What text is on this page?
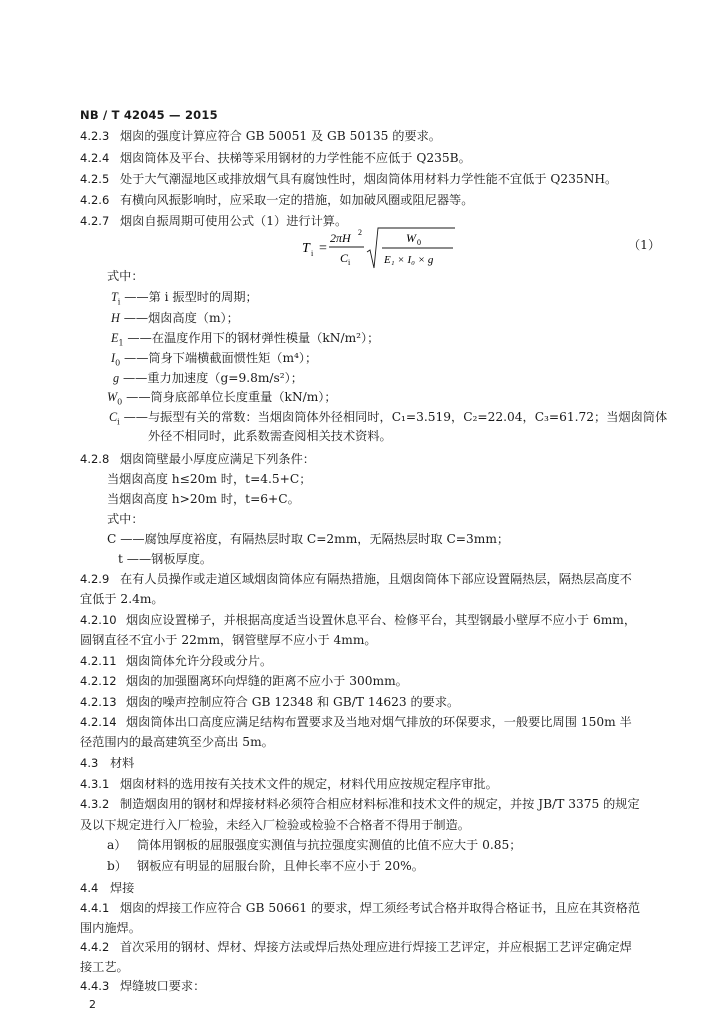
NB / T 42045 — 2015
4.2.3 烟囱的强度计算应符合 GB 50051 及 GB 50135 的要求。
4.2.4 烟囱筒体及平台、扶梯等采用钢材的力学性能不应低于 Q235B。
4.2.5 处于大气潮湿地区或排放烟气具有腐蚀性时，烟囱筒体用材料力学性能不宜低于 Q235NH。
4.2.6 有横向风振影响时，应采取一定的措施，如加破风圈或阻尼器等。
4.2.7 烟囱自振周期可使用公式（1）进行计算。
T i =
2πH 2
C i
W 0
E₁ × I₀ × g
（1）
式中：
$T_i$ ——第 i 振型时的周期；
H ——烟囱高度（m）；
$E_1$ ——在温度作用下的钢材弹性模量（kN/m²）；
$I_0$ ——筒身下端横截面惯性矩（m⁴）；
g ——重力加速度（g=9.8m/s²）；
$W_0$ ——筒身底部单位长度重量（kN/m）；
$C_i$ ——与振型有关的常数：当烟囱筒体外径相同时，C₁=3.519，C₂=22.04，C₃=61.72；当烟囱筒体
外径不相同时，此系数需查阅相关技术资料。
4.2.8 烟囱筒壁最小厚度应满足下列条件：
当烟囱高度 h≤20m 时，t=4.5+C；
当烟囱高度 h>20m 时，t=6+C。
式中：
C ——腐蚀厚度裕度，有隔热层时取 C=2mm，无隔热层时取 C=3mm；
t ——钢板厚度。
4.2.9 在有人员操作或走道区域烟囱筒体应有隔热措施，且烟囱筒体下部应设置隔热层，隔热层高度不
宜低于 2.4m。
4.2.10 烟囱应设置梯子，并根据高度适当设置休息平台、检修平台，其型钢最小壁厚不应小于 6mm，
圆钢直径不宜小于 22mm，钢管壁厚不应小于 4mm。
4.2.11 烟囱筒体允许分段或分片。
4.2.12 烟囱的加强圈离环向焊缝的距离不应小于 300mm。
4.2.13 烟囱的噪声控制应符合 GB 12348 和 GB/T 14623 的要求。
4.2.14 烟囱筒体出口高度应满足结构布置要求及当地对烟气排放的环保要求，一般要比周围 150m 半
径范围内的最高建筑至少高出 5m。
4.3 材料
4.3.1 烟囱材料的选用按有关技术文件的规定，材料代用应按规定程序审批。
4.3.2 制造烟囱用的钢材和焊接材料必须符合相应材料标准和技术文件的规定，并按 JB/T 3375 的规定
及以下规定进行入厂检验，未经入厂检验或检验不合格者不得用于制造。
a） 筒体用钢板的屈服强度实测值与抗拉强度实测值的比值不应大于 0.85；
b） 钢板应有明显的屈服台阶，且伸长率不应小于 20%。
4.4 焊接
4.4.1 烟囱的焊接工作应符合 GB 50661 的要求，焊工须经考试合格并取得合格证书，且应在其资格范
围内施焊。
4.4.2 首次采用的钢材、焊材、焊接方法或焊后热处理应进行焊接工艺评定，并应根据工艺评定确定焊
接工艺。
4.4.3 焊缝坡口要求：
2
